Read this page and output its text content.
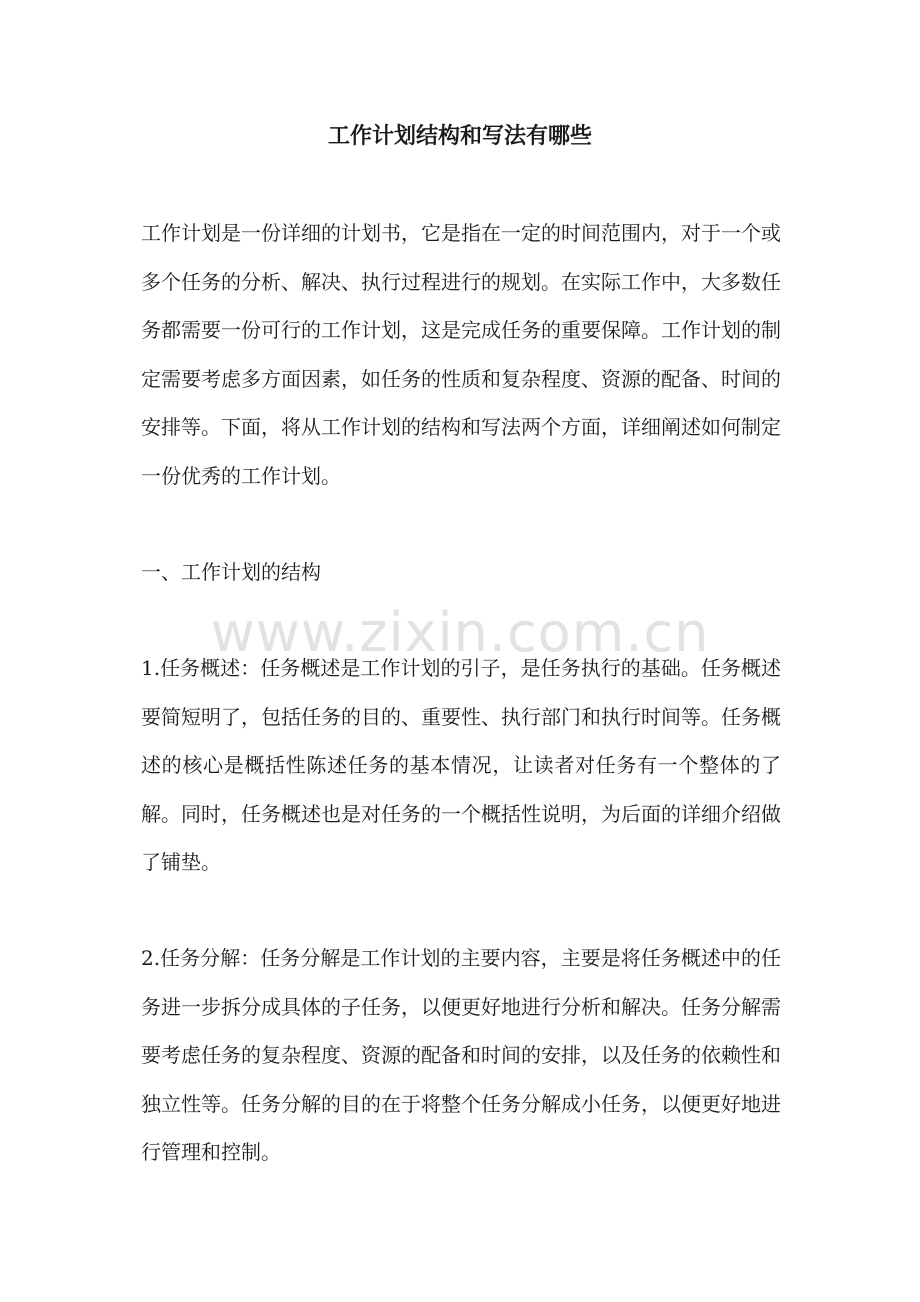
工作计划结构和写法有哪些

工作计划是一份详细的计划书，它是指在一定的时间范围内，对于一个或多个任务的分析、解决、执行过程进行的规划。在实际工作中，大多数任务都需要一份可行的工作计划，这是完成任务的重要保障。工作计划的制定需要考虑多方面因素，如任务的性质和复杂程度、资源的配备、时间的安排等。下面，将从工作计划的结构和写法两个方面，详细阐述如何制定一份优秀的工作计划。

一、工作计划的结构

1.任务概述：任务概述是工作计划的引子，是任务执行的基础。任务概述要简短明了，包括任务的目的、重要性、执行部门和执行时间等。任务概述的核心是概括性陈述任务的基本情况，让读者对任务有一个整体的了解。同时，任务概述也是对任务的一个概括性说明，为后面的详细介绍做了铺垫。

2.任务分解：任务分解是工作计划的主要内容，主要是将任务概述中的任务进一步拆分成具体的子任务，以便更好地进行分析和解决。任务分解需要考虑任务的复杂程度、资源的配备和时间的安排，以及任务的依赖性和独立性等。任务分解的目的在于将整个任务分解成小任务，以便更好地进行管理和控制。

www.zixin.com.cn
